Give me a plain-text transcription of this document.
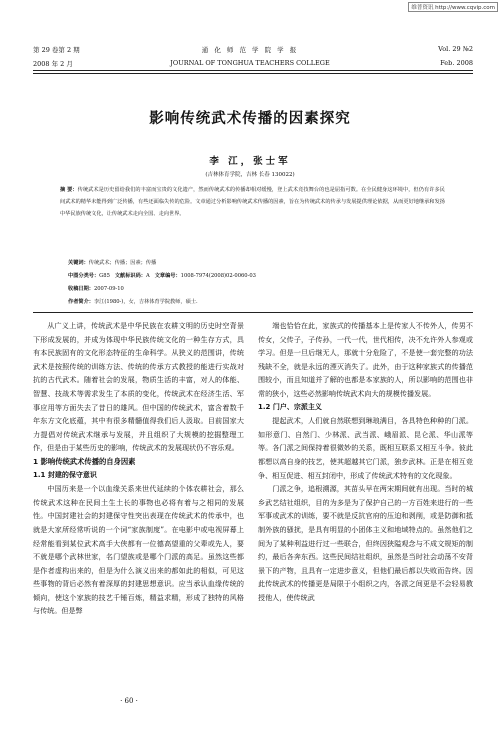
维普资讯 http://www.cqvip.com
第 29 卷第 2 期
2008 年 2 月
通 化 师 范 学 院 学 报
JOURNAL OF TONGHUA TEACHERS COLLEGE
Vol. 29 №2
Feb. 2008
影响传统武术传播的因素探究
李 江，张士军
(吉林体育学院，吉林 长春 130022)
摘 要：传统武术是历史留给我们的丰富而宝贵的文化遗产，然而传统武术的传播却相对缓慢，登上武术竞技舞台的也是屈指可数。在全民健身这环境中，但仍有许多民间武术的精华未能得到广泛传播，有些还面临失传的危险。文章通过分析影响传统武术传播的因素，旨在为传统武术的传承与发展提供理论依据，从而更好地继承和发扬中华民族传统文化，让传统武术走向全国、走向世界。
关键词：传统武术；传播；因素；传播
中图分类号：G85 文献标识码：A 文章编号：1008-7974(2008)02-0060-03
收稿日期：2007-09-10
作者简介：李江(1980-)，女，吉林体育学院教师，硕士.

从广义上讲，传统武术是中华民族在农耕文明的历史时空背景下形成发展的，并成为体现中华民族传统文化的一种生存方式，具有本民族固有的文化形态特征的生命科学。从狭义的范围讲，传统武术是按照传统的训练方法、传统的传承方式教授的能进行实战对抗的古代武术。随着社会的发展，物质生活的丰富，对人的体能、智慧、技战术等需求发生了本质的变化，传统武术在经济生活、军事应用等方面失去了昔日的雄风。但中国的传统武术，富含着数千年东方文化底蕴，其中有很多精髓值得我们后人汲取。目前国家大力提倡对传统武术继承与发展，并且组织了大规模的挖掘整理工作，但是由于某些历史的影响，传统武术的发展现状仍不容乐观。

1 影响传统武术传播的自身因素

1.1 封建的保守意识

中国历来是一个以血缘关系来世代延续的个体农耕社会，那么传统武术这种在民间土生土长的事物也必将有着与之相同的发展性。中国封建社会的封建保守性突出表现在传统武术的传承中，也就是大家所经常听说的一个词“家族制度”。在电影中或电视屏幕上经常能看到某位武术高手大侠都有一位德高望重的父辈或先人，要不就是哪个武林世家，名门望族或是哪个门派的高足。虽然这些都是作者虚构出来的，但是为什么演义出来的都如此的相似，可见这些事物的背后必然有着深厚的封建思想意识。应当承认血缘传统的倾向，使这个家族的技艺千锤百炼，精益求精，形成了独特的风格与传统。但是弊

端也恰恰在此，家族式的传播基本上是传家人不传外人，传男不传女，父传子，子传孙，一代一代，世代相传，决不允许外人参观或学习。但是一旦后继无人，那就十分危险了，不是使一套完整的功法残缺不全，就是永远的湮灭消失了。此外，由于这种家族式的传播范围较小，而且知道并了解的也都是本家族的人，所以影响的范围也非常的狭小，这些必然影响传统武术向大的规模传播发展。

1.2 门户、宗派主义

提起武术，人们就自然联想到琳琅满目，各具特色种种的门派。如形意门、自然门、少林派、武当派、峨眉派、昆仑派、华山派等等。各门派之间保持着很微妙的关系，既相互联系又相互斗争。彼此都想以高自身的技艺，使其超越其它门派，独步武林。正是在相互竞争、相互促进、相互封闭中，形成了传统武术特有的文化现象。

门派之争，追根溯源，其苗头早在两宋期间就有出现。当时的城乡武艺结社组织，目的为多是为了保护自己的一方百姓来进行的一些军事或武术的训练，要不就是反抗官府的压迫和剥削，或是防御和抵制外族的骚扰，是具有明显的小团体主义和地域特点的。虽然他们之间为了某种利益进行过一些联合，但终因狭隘观念与不成文规矩的制约，最后各奔东西。这些民间结社组织，虽然是当时社会动荡不安背景下的产物，且具有一定进步意义，但他们最后都以失败而告终。因此传统武术的传播更是局限于小组织之内，各派之间更是不会轻易教授他人，使传统武

· 60 ·
